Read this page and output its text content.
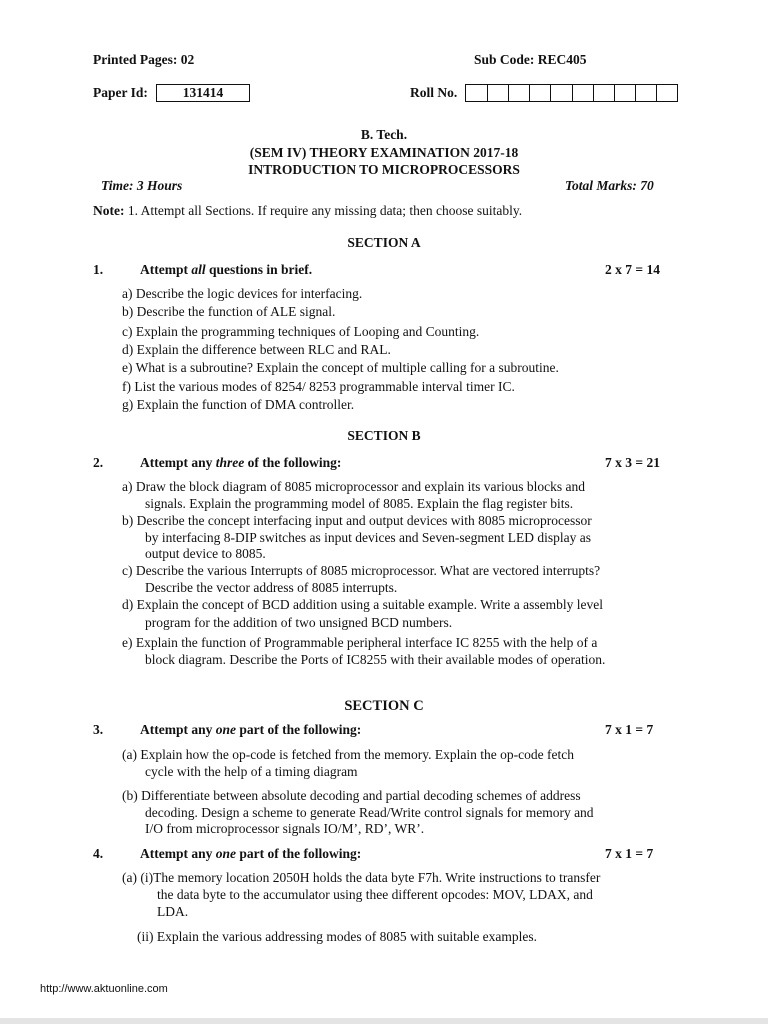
Printed Pages: 02	Sub Code: REC405
Paper Id:	131414	Roll No.
B. Tech.
(SEM IV) THEORY EXAMINATION 2017-18
INTRODUCTION TO MICROPROCESSORS
Time: 3 Hours	Total Marks: 70
Note: 1. Attempt all Sections. If require any missing data; then choose suitably.
SECTION A
1.	Attempt all questions in brief.	2 x 7 = 14
a) Describe the logic devices for interfacing.
b) Describe the function of ALE signal.
c) Explain the programming techniques of Looping and Counting.
d) Explain the difference between RLC and RAL.
e) What is a subroutine? Explain the concept of multiple calling for a subroutine.
f) List the various modes of 8254/ 8253 programmable interval timer IC.
g) Explain the function of DMA controller.
SECTION B
2.	Attempt any three of the following:	7 x 3 = 21
a) Draw the block diagram of 8085 microprocessor and explain its various blocks and
signals. Explain the programming model of 8085. Explain the flag register bits.
b) Describe the concept interfacing input and output devices with 8085 microprocessor
by interfacing 8-DIP switches as input devices and Seven-segment LED display as
output device to 8085.
c) Describe the various Interrupts of 8085 microprocessor. What are vectored interrupts?
Describe the vector address of 8085 interrupts.
d) Explain the concept of BCD addition using a suitable example. Write a assembly level
program for the addition of two unsigned BCD numbers.
e) Explain the function of Programmable peripheral interface IC 8255 with the help of a
block diagram. Describe the Ports of IC8255 with their available modes of operation.
SECTION C
3.	Attempt any one part of the following:	7 x 1 = 7
(a) Explain how the op-code is fetched from the memory. Explain the op-code fetch
cycle with the help of a timing diagram
(b) Differentiate between absolute decoding and partial decoding schemes of address
decoding. Design a scheme to generate Read/Write control signals for memory and
I/O from microprocessor signals IO/M’, RD’, WR’.
4.	Attempt any one part of the following:	7 x 1 = 7
(a) (i)The memory location 2050H holds the data byte F7h. Write instructions to transfer
the data byte to the accumulator using thee different opcodes: MOV, LDAX, and
LDA.
(ii) Explain the various addressing modes of 8085 with suitable examples.
http://www.aktuonline.com
